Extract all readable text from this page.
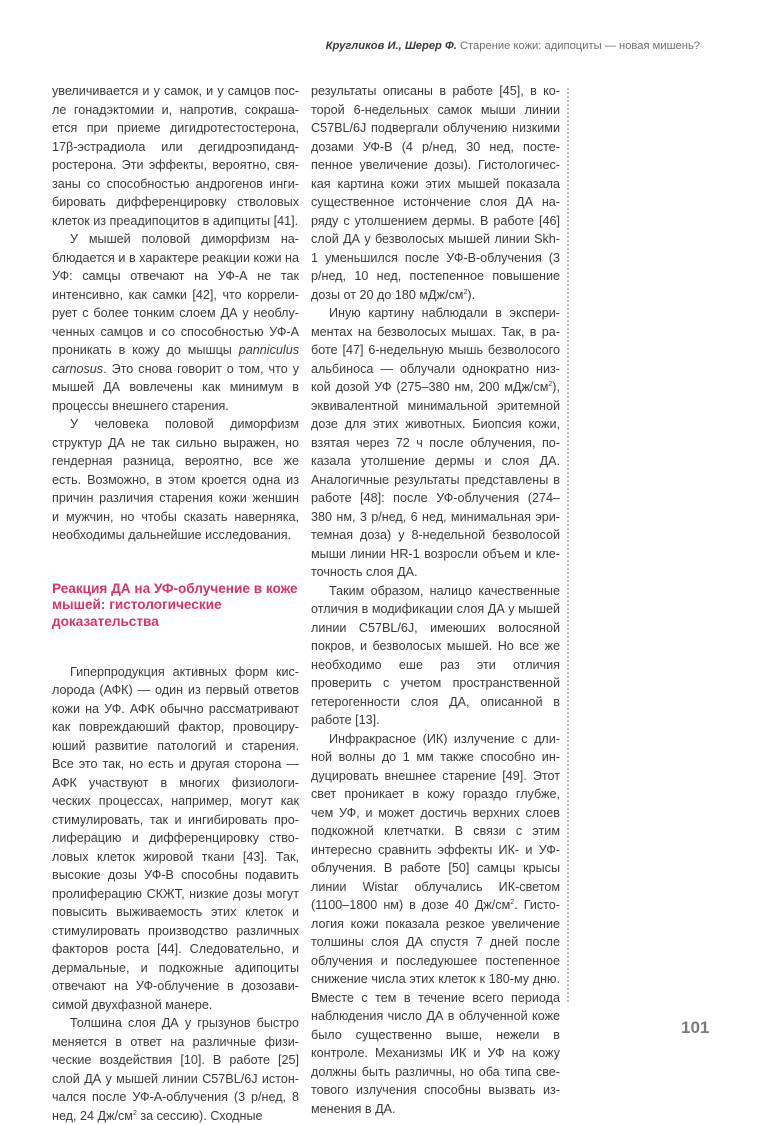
Кругликов И., Шерер Ф. Старение кожи: адипоциты — новая мишень?

увеличивается и у самок, и у самцов после гонадэктомии и, напротив, сокрашается при приеме дигидротестостерона, 17β-эстрадиола или дегидроэпидандростерона. Эти эффекты, вероятно, связаны со способностью андрогенов ингибировать дифференцировку стволовых клеток из преадипоцитов в адипциты [41].

У мышей половой диморфизм наблюдается и в характере реакции кожи на УФ: самцы отвечают на УФ-А не так интенсивно, как самки [42], что коррелирует с более тонким слоем ДА у необлученных самцов и со способностью УФ-А проникать в кожу до мышцы panniculus carnosus. Это снова говорит о том, что у мышей ДА вовлечены как минимум в процессы внешнего старения.

У человека половой диморфизм структур ДА не так сильно выражен, но гендерная разница, вероятно, все же есть. Возможно, в этом кроется одна из причин различия старения кожи женшин и мужчин, но чтобы сказать наверняка, необходимы дальнейшие исследования.

Реакция ДА на УФ-облучение в коже мышей: гистологические доказательства

Гиперпродукция активных форм кислорода (АФК) — один из первый ответов кожи на УФ. АФК обычно рассматривают как повреждаюший фактор, провоцируюший развитие патологий и старения. Все это так, но есть и другая сторона — АФК участвуют в многих физиологических процессах, например, могут как стимулировать, так и ингибировать пролиферацию и дифференцировку стволовых клеток жировой ткани [43]. Так, высокие дозы УФ-В способны подавить пролиферацию СКЖТ, низкие дозы могут повысить выживаемость этих клеток и стимулировать производство различных факторов роста [44]. Следовательно, и дермальные, и подкожные адипоциты отвечают на УФ-облучение в дозозависимой двухфазной манере.

Толшина слоя ДА у грызунов быстро меняется в ответ на различные физические воздействия [10]. В работе [25] слой ДА у мышей линии C57BL/6J истончался после УФ-А-облучения (3 р/нед, 8 нед, 24 $Дж/см^2$ за сессию). Сходные

результаты описаны в работе [45], в которой 6-недельных самок мыши линии C57BL/6J подвергали облучению низкими дозами УФ-В (4 р/нед, 30 нед, постепенное увеличение дозы). Гистологическая картина кожи этих мышей показала существенное истончение слоя ДА наряду с утолшением дермы. В работе [46] слой ДА у безволосых мышей линии Skh-1 уменьшился после УФ-В-облучения (3 р/нед, 10 нед, постепенное повышение дозы от 20 до 180 мДж/$см^2$).

Иную картину наблюдали в экспериментах на безволосых мышах. Так, в работе [47] 6-недельную мышь безволосого альбиноса — облучали однократно низкой дозой УФ (275–380 нм, 200 мДж/$см^2$), эквивалентной минимальной эритемной дозе для этих животных. Биопсия кожи, взятая через 72 ч после облучения, показала утолшение дермы и слоя ДА. Аналогичные результаты представлены в работе [48]: после УФ-облучения (274–380 нм, 3 р/нед, 6 нед, минимальная эритемная доза) у 8-недельной безволосой мыши линии HR-1 возросли объем и клеточность слоя ДА.

Таким образом, налицо качественные отличия в модификации слоя ДА у мышей линии C57BL/6J, имеюших волосяной покров, и безволосых мышей. Но все же необходимо еше раз эти отличия проверить с учетом пространственной гетерогенности слоя ДА, описанной в работе [13].

Инфракрасное (ИК) излучение с длиной волны до 1 мм также способно индуцировать внешнее старение [49]. Этот свет проникает в кожу гораздо глубже, чем УФ, и может достичь верхних слоев подкожной клетчатки. В связи с этим интересно сравнить эффекты ИК- и УФ-облучения. В работе [50] самцы крысы линии Wistar облучались ИК-светом (1100–1800 нм) в дозе 40 $Дж/см^2$. Гистология кожи показала резкое увеличение толшины слоя ДА спустя 7 дней после облучения и последуюшее постепенное снижение числа этих клеток к 180-му дню. Вместе с тем в течение всего периода наблюдения число ДА в облученной коже было существенно выше, нежели в контроле. Механизмы ИК и УФ на кожу должны быть различны, но оба типа светового излучения способны вызвать изменения в ДА.

101
